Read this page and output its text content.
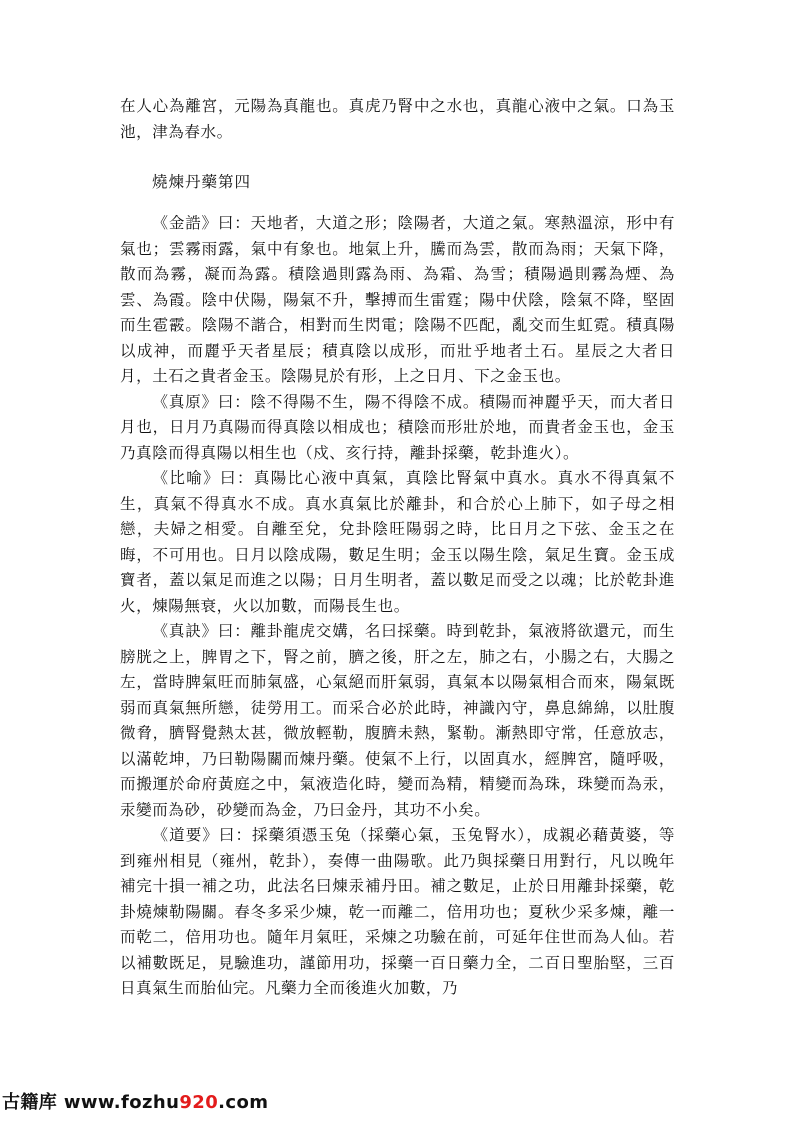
在人心為離宮，元陽為真龍也。真虎乃腎中之水也，真龍心液中之氣。口為玉池，津為春水。

燒煉丹藥第四

《金誥》曰：天地者，大道之形；陰陽者，大道之氣。寒熱溫涼，形中有氣也；雲霧雨露，氣中有象也。地氣上升，騰而為雲，散而為雨；天氣下降，散而為霧，凝而為露。積陰過則露為雨、為霜、為雪；積陽過則霧為煙、為雲、為霞。陰中伏陽，陽氣不升，擊搏而生雷霆；陽中伏陰，陰氣不降，堅固而生雹霰。陰陽不諧合，相對而生閃電；陰陽不匹配，亂交而生虹霓。積真陽以成神，而麗乎天者星辰；積真陰以成形，而壯乎地者土石。星辰之大者日月，土石之貴者金玉。陰陽見於有形，上之日月、下之金玉也。

《真原》曰：陰不得陽不生，陽不得陰不成。積陽而神麗乎天，而大者日月也，日月乃真陽而得真陰以相成也；積陰而形壯於地，而貴者金玉也，金玉乃真陰而得真陽以相生也（戍、亥行持，離卦採藥，乾卦進火）。

《比喻》曰：真陽比心液中真氣，真陰比腎氣中真水。真水不得真氣不生，真氣不得真水不成。真水真氣比於離卦，和合於心上肺下，如子母之相戀，夫婦之相愛。自離至兌，兌卦陰旺陽弱之時，比日月之下弦、金玉之在晦，不可用也。日月以陰成陽，數足生明；金玉以陽生陰，氣足生寶。金玉成寶者，蓋以氣足而進之以陽；日月生明者，蓋以數足而受之以魂；比於乾卦進火，煉陽無衰，火以加數，而陽長生也。

《真訣》曰：離卦龍虎交媾，名曰採藥。時到乾卦，氣液將欲還元，而生膀胱之上，脾胃之下，腎之前，臍之後，肝之左，肺之右，小腸之右，大腸之左，當時脾氣旺而肺氣盛，心氣絕而肝氣弱，真氣本以陽氣相合而來，陽氣既弱而真氣無所戀，徒勞用工。而采合必於此時，神識內守，鼻息綿綿，以肚腹微脅，臍腎覺熱太甚，微放輕勒，腹臍未熱，緊勒。漸熱即守常，任意放志，以滿乾坤，乃曰勒陽關而煉丹藥。使氣不上行，以固真水，經脾宮，隨呼吸，而搬運於命府黃庭之中，氣液造化時，變而為精，精變而為珠，珠變而為汞，汞變而為砂，砂變而為金，乃曰金丹，其功不小矣。

《道要》曰：採藥須憑玉兔（採藥心氣，玉兔腎水），成親必藉黃婆，等到雍州相見（雍州，乾卦），奏傳一曲陽歌。此乃與採藥日用對行，凡以晚年補完十損一補之功，此法名曰煉汞補丹田。補之數足，止於日用離卦採藥，乾卦燒煉勒陽關。春冬多采少煉，乾一而離二，倍用功也；夏秋少采多煉，離一而乾二，倍用功也。隨年月氣旺，采煉之功驗在前，可延年住世而為人仙。若以補數既足，見驗進功，謹節用功，採藥一百日藥力全，二百日聖胎堅，三百日真氣生而胎仙完。凡藥力全而後進火加數，乃

古籍库 www.fozhu920.com
